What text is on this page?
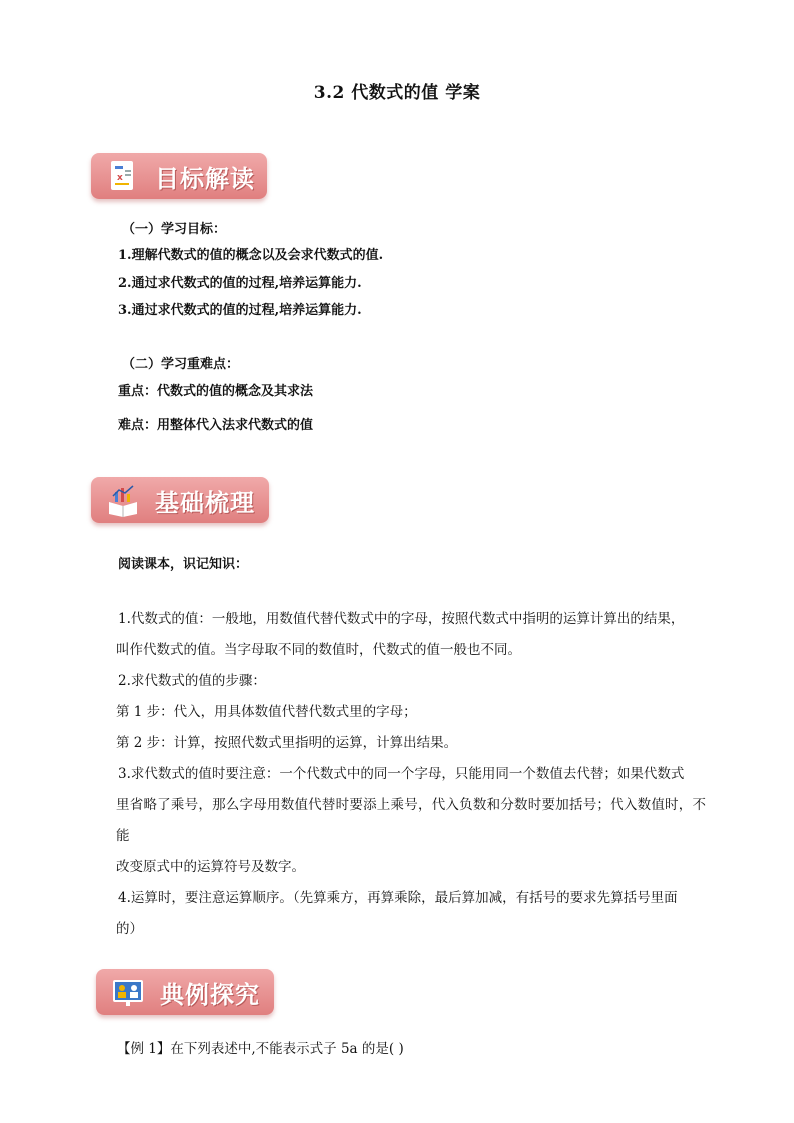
3.2 代数式的值 学案
x 目标解读
（一）学习目标：
1.理解代数式的值的概念以及会求代数式的值.
2.通过求代数式的值的过程,培养运算能力.
3.通过求代数式的值的过程,培养运算能力.
（二）学习重难点：
重点：代数式的值的概念及其求法
难点：用整体代入法求代数式的值
基础梳理
阅读课本，识记知识：
1.代数式的值：一般地，用数值代替代数式中的字母，按照代数式中指明的运算计算出的结果，
叫作代数式的值。当字母取不同的数值时，代数式的值一般也不同。
2.求代数式的值的步骤：
第 1 步：代入，用具体数值代替代数式里的字母；
第 2 步：计算，按照代数式里指明的运算，计算出结果。
3.求代数式的值时要注意：一个代数式中的同一个字母，只能用同一个数值去代替；如果代数式
里省略了乘号，那么字母用数值代替时要添上乘号，代入负数和分数时要加括号；代入数值时，不能
改变原式中的运算符号及数字。
4.运算时，要注意运算顺序。（先算乘方，再算乘除，最后算加减，有括号的要求先算括号里面
的）
典例探究
【例 1】在下列表述中,不能表示式子 5a 的是( )
